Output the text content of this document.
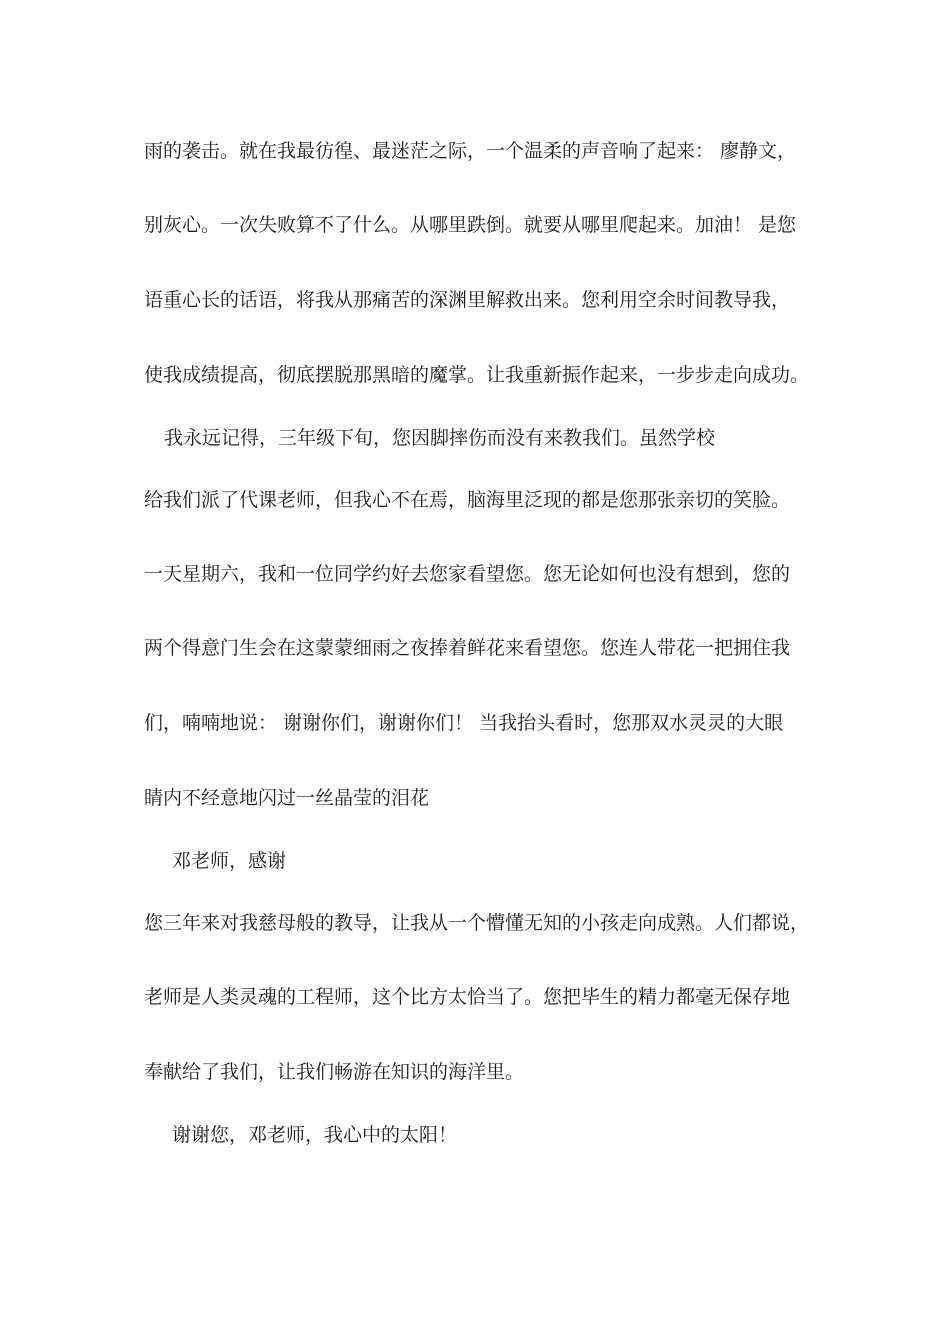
雨的袭击。就在我最彷徨、最迷茫之际，一个温柔的声音响了起来： 廖静文，
别灰心。一次失败算不了什么。从哪里跌倒。就要从哪里爬起来。加油！ 是您
语重心长的话语，将我从那痛苦的深渊里解救出来。您利用空余时间教导我，
使我成绩提高，彻底摆脱那黑暗的魔掌。让我重新振作起来，一步步走向成功。
我永远记得，三年级下旬，您因脚摔伤而没有来教我们。虽然学校
给我们派了代课老师，但我心不在焉，脑海里泛现的都是您那张亲切的笑脸。
一天星期六，我和一位同学约好去您家看望您。您无论如何也没有想到，您的
两个得意门生会在这蒙蒙细雨之夜捧着鲜花来看望您。您连人带花一把拥住我
们，喃喃地说： 谢谢你们，谢谢你们！ 当我抬头看时，您那双水灵灵的大眼
睛内不经意地闪过一丝晶莹的泪花
邓老师，感谢
您三年来对我慈母般的教导，让我从一个懵懂无知的小孩走向成熟。人们都说，
老师是人类灵魂的工程师，这个比方太恰当了。您把毕生的精力都毫无保存地
奉献给了我们，让我们畅游在知识的海洋里。
谢谢您，邓老师，我心中的太阳！
